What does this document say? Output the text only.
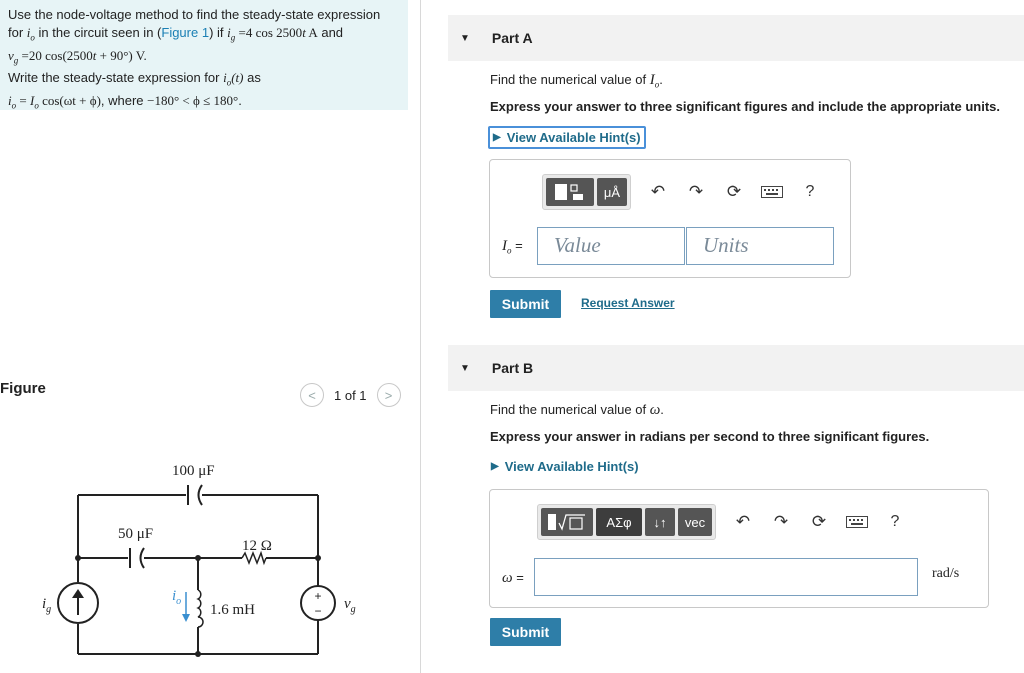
Use the node-voltage method to find the steady-state expression
for $i_o$ in the circuit seen in (Figure 1) if $i_g =4$ cos 2500t A and
$v_g =20$ cos(2500t + 90°) V.
Write the steady-state expression for $i_o(t)$ as
$i_o = I_o$ cos(ωt + ϕ), where −180° < ϕ ≤ 180°.
Figure	<	1 of 1	>
+
−
100 μF
50 μF
12 Ω
1.6 mH
$i_g$	$v_g$
$i_o$
▼ Part A
Find the numerical value of $I_o$.
Express your answer to three significant figures and include the appropriate units.
▶ View Available Hint(s)
μÅ	↶	↷	⟳	?
$I_o$ =	Value	Units
Submit	Request Answer
▼ Part B
Find the numerical value of ω.
Express your answer in radians per second to three significant figures.
▶ View Available Hint(s)
ΑΣφ	↓↑	vec	↶	↷	⟳	?
ω =	rad/s
Submit
